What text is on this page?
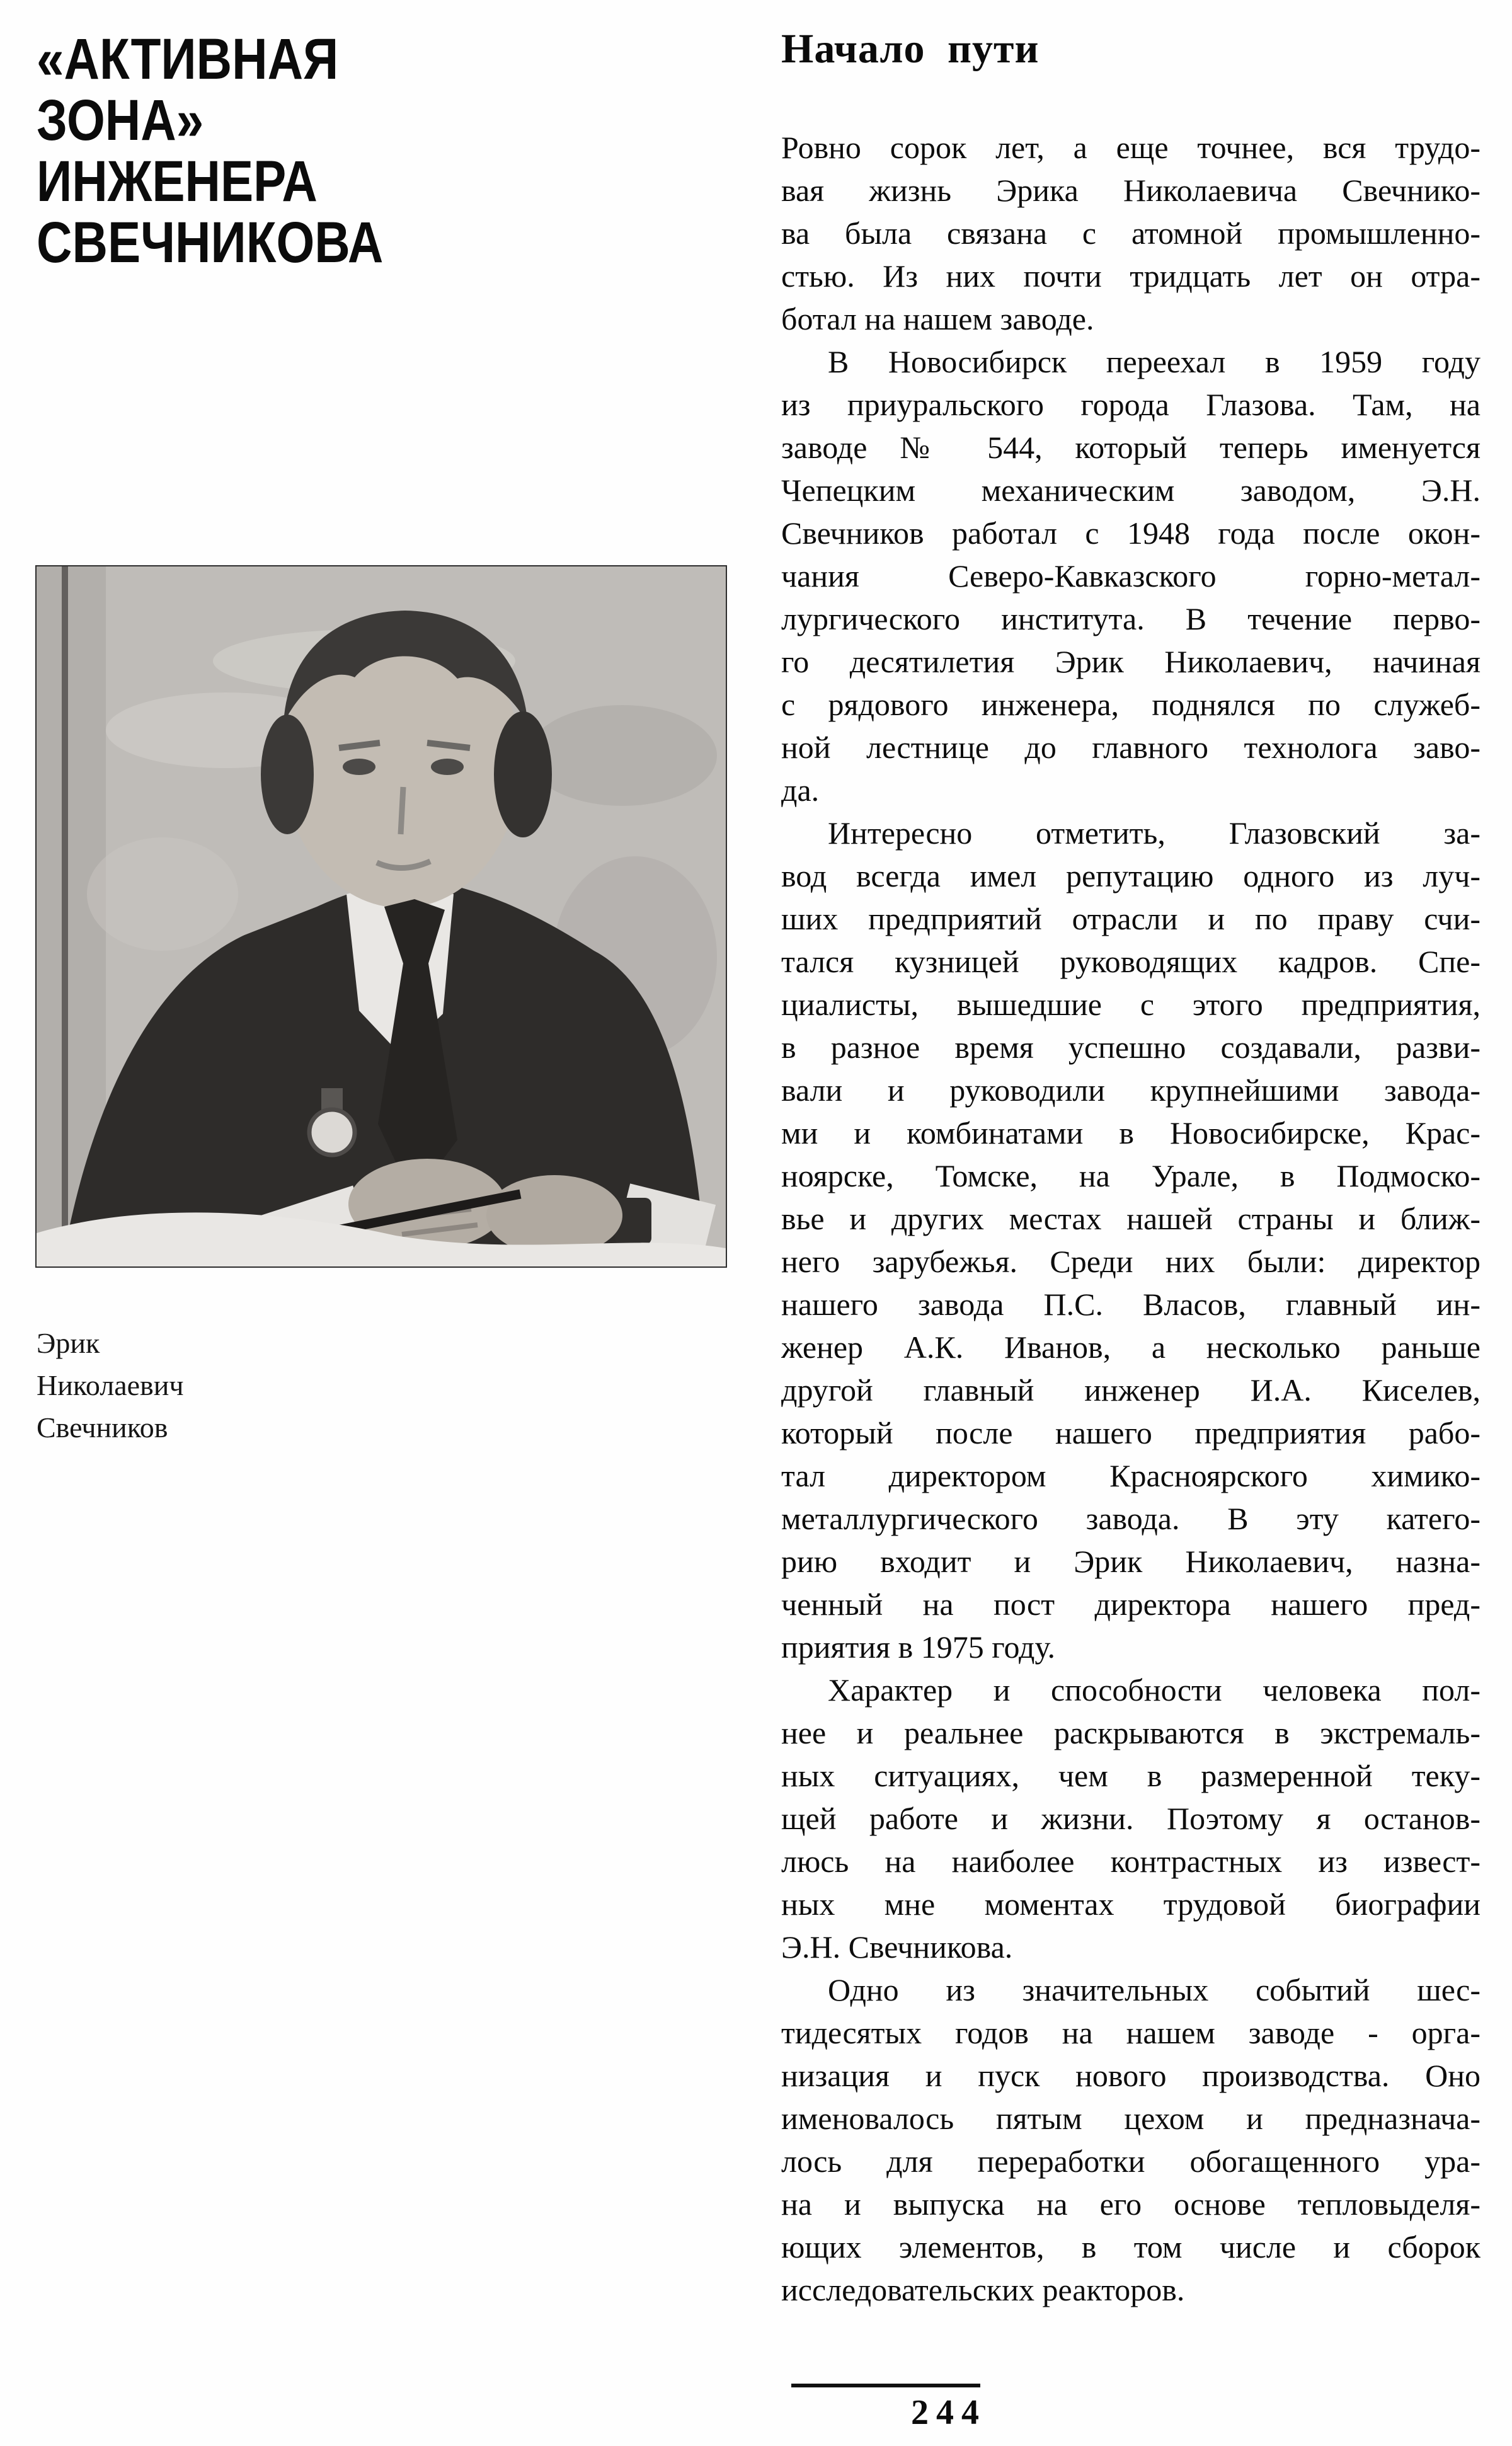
«АКТИВНАЯ
ЗОНА»
ИНЖЕНЕРА
СВЕЧНИКОВА
Эрик
Николаевич
Свечников
Начало пути
Ровно сорок лет, а еще точнее, вся трудо-
вая жизнь Эрика Николаевича Свечнико-
ва была связана с атомной промышленно-
стью. Из них почти тридцать лет он отра-
ботал на нашем заводе.
В Новосибирск переехал в 1959 году
из приуральского города Глазова. Там, на
заводе № 544, который теперь именуется
Чепецким механическим заводом, Э.Н.
Свечников работал с 1948 года после окон-
чания Северо-Кавказского горно-метал-
лургического института. В течение перво-
го десятилетия Эрик Николаевич, начиная
с рядового инженера, поднялся по служеб-
ной лестнице до главного технолога заво-
да.
Интересно отметить, Глазовский за-
вод всегда имел репутацию одного из луч-
ших предприятий отрасли и по праву счи-
тался кузницей руководящих кадров. Спе-
циалисты, вышедшие с этого предприятия,
в разное время успешно создавали, разви-
вали и руководили крупнейшими завода-
ми и комбинатами в Новосибирске, Крас-
ноярске, Томске, на Урале, в Подмоско-
вье и других местах нашей страны и ближ-
него зарубежья. Среди них были: директор
нашего завода П.С. Власов, главный ин-
женер А.К. Иванов, а несколько раньше
другой главный инженер И.А. Киселев,
который после нашего предприятия рабо-
тал директором Красноярского химико-
металлургического завода. В эту катего-
рию входит и Эрик Николаевич, назна-
ченный на пост директора нашего пред-
приятия в 1975 году.
Характер и способности человека пол-
нее и реальнее раскрываются в экстремаль-
ных ситуациях, чем в размеренной теку-
щей работе и жизни. Поэтому я останов-
люсь на наиболее контрастных из извест-
ных мне моментах трудовой биографии
Э.Н. Свечникова.
Одно из значительных событий шес-
тидесятых годов на нашем заводе - орга-
низация и пуск нового производства. Оно
именовалось пятым цехом и предназнача-
лось для переработки обогащенного ура-
на и выпуска на его основе тепловыделя-
ющих элементов, в том числе и сборок
исследовательских реакторов.
244
